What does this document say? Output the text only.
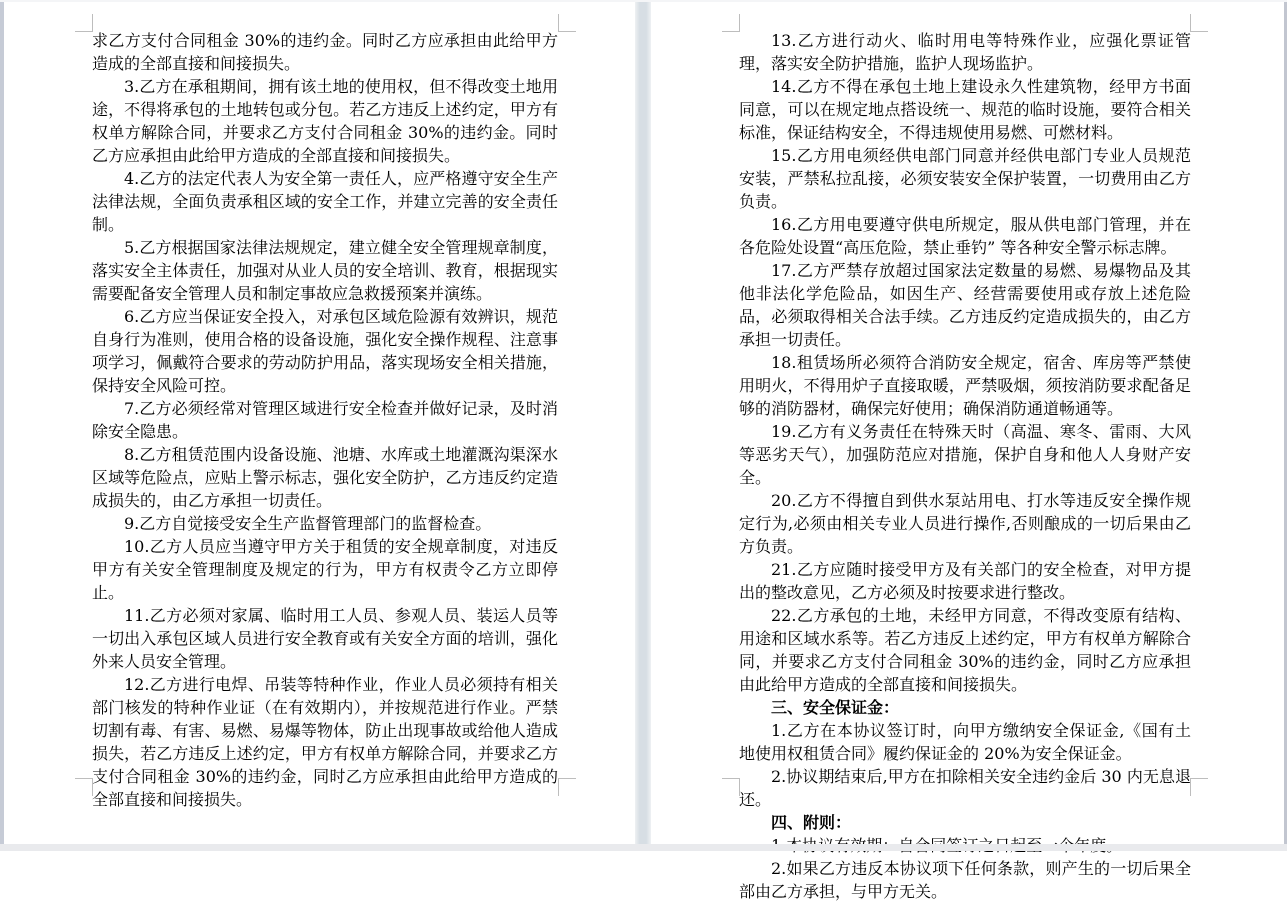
求乙方支付合同租金 30%的违约金。同时乙方应承担由此给甲方造成的全部直接和间接损失。

3.乙方在承租期间，拥有该土地的使用权，但不得改变土地用途，不得将承包的土地转包或分包。若乙方违反上述约定，甲方有权单方解除合同，并要求乙方支付合同租金 30%的违约金。同时乙方应承担由此给甲方造成的全部直接和间接损失。

4.乙方的法定代表人为安全第一责任人，应严格遵守安全生产法律法规，全面负责承租区域的安全工作，并建立完善的安全责任制。

5.乙方根据国家法律法规规定，建立健全安全管理规章制度，落实安全主体责任，加强对从业人员的安全培训、教育，根据现实需要配备安全管理人员和制定事故应急救援预案并演练。

6.乙方应当保证安全投入，对承包区域危险源有效辨识，规范自身行为准则，使用合格的设备设施，强化安全操作规程、注意事项学习，佩戴符合要求的劳动防护用品，落实现场安全相关措施，保持安全风险可控。

7.乙方必须经常对管理区域进行安全检查并做好记录，及时消除安全隐患。

8.乙方租赁范围内设备设施、池塘、水库或土地灌溉沟渠深水区域等危险点，应贴上警示标志，强化安全防护，乙方违反约定造成损失的，由乙方承担一切责任。

9.乙方自觉接受安全生产监督管理部门的监督检查。

10.乙方人员应当遵守甲方关于租赁的安全规章制度，对违反甲方有关安全管理制度及规定的行为，甲方有权责令乙方立即停止。

11.乙方必须对家属、临时用工人员、参观人员、装运人员等一切出入承包区域人员进行安全教育或有关安全方面的培训，强化外来人员安全管理。

12.乙方进行电焊、吊装等特种作业，作业人员必须持有相关部门核发的特种作业证（在有效期内），并按规范进行作业。严禁切割有毒、有害、易燃、易爆等物体，防止出现事故或给他人造成损失，若乙方违反上述约定，甲方有权单方解除合同，并要求乙方支付合同租金 30%的违约金，同时乙方应承担由此给甲方造成的全部直接和间接损失。

13.乙方进行动火、临时用电等特殊作业，应强化票证管理，落实安全防护措施，监护人现场监护。

14.乙方不得在承包土地上建设永久性建筑物，经甲方书面同意，可以在规定地点搭设统一、规范的临时设施，要符合相关标准，保证结构安全，不得违规使用易燃、可燃材料。

15.乙方用电须经供电部门同意并经供电部门专业人员规范安装，严禁私拉乱接，必须安装安全保护装置，一切费用由乙方负责。

16.乙方用电要遵守供电所规定，服从供电部门管理，并在各危险处设置“高压危险，禁止垂钓” 等各种安全警示标志牌。

17.乙方严禁存放超过国家法定数量的易燃、易爆物品及其他非法化学危险品，如因生产、经营需要使用或存放上述危险品，必须取得相关合法手续。乙方违反约定造成损失的，由乙方承担一切责任。

18.租赁场所必须符合消防安全规定，宿舍、库房等严禁使用明火，不得用炉子直接取暖，严禁吸烟，须按消防要求配备足够的消防器材，确保完好使用；确保消防通道畅通等。

19.乙方有义务责任在特殊天时（高温、寒冬、雷雨、大风等恶劣天气），加强防范应对措施，保护自身和他人人身财产安全。

20.乙方不得擅自到供水泵站用电、打水等违反安全操作规定行为,必须由相关专业人员进行操作,否则酿成的一切后果由乙方负责。

21.乙方应随时接受甲方及有关部门的安全检查，对甲方提出的整改意见，乙方必须及时按要求进行整改。

22.乙方承包的土地，未经甲方同意，不得改变原有结构、用途和区域水系等。若乙方违反上述约定，甲方有权单方解除合同，并要求乙方支付合同租金 30%的违约金，同时乙方应承担由此给甲方造成的全部直接和间接损失。

三、安全保证金：

1.乙方在本协议签订时，向甲方缴纳安全保证金,《国有土地使用权租赁合同》履约保证金的 20%为安全保证金。

2.协议期结束后,甲方在扣除相关安全违约金后 30 内无息退还。

四、附则：

2.如果乙方违反本协议项下任何条款，则产生的一切后果全部由乙方承担，与甲方无关。
